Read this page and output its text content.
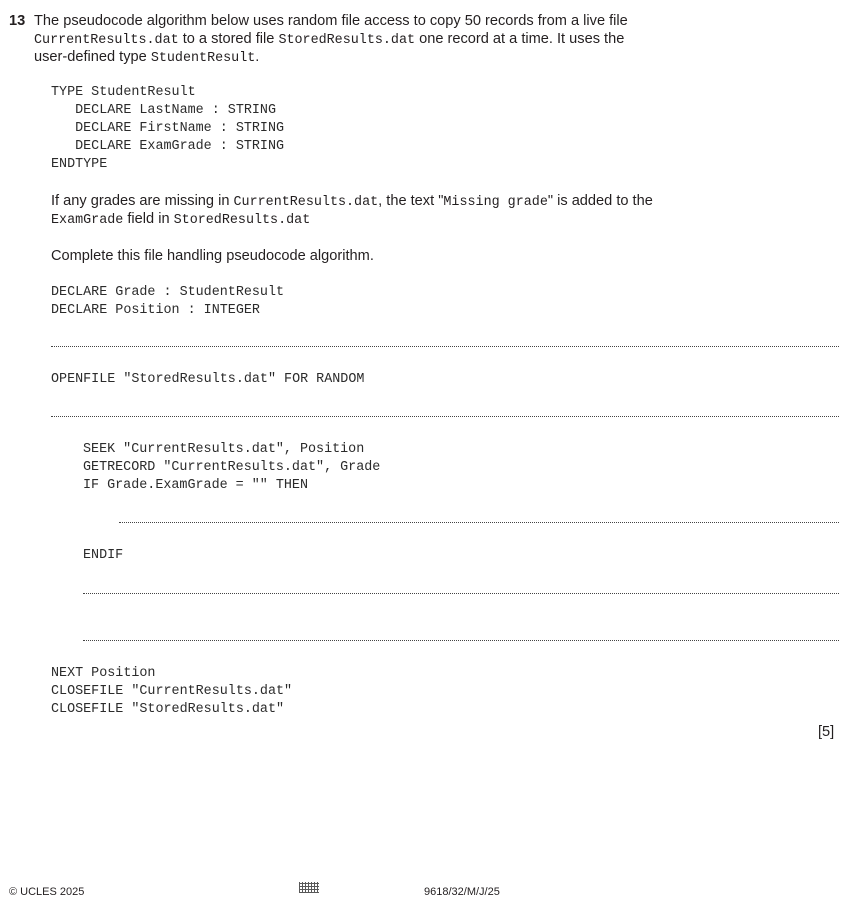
13 The pseudocode algorithm below uses random file access to copy 50 records from a live file
CurrentResults.dat to a stored file StoredResults.dat one record at a time. It uses the
user-defined type StudentResult.
TYPE StudentResult
DECLARE LastName : STRING
DECLARE FirstName : STRING
DECLARE ExamGrade : STRING
ENDTYPE
If any grades are missing in CurrentResults.dat, the text "Missing grade" is added to the
ExamGrade field in StoredResults.dat
Complete this file handling pseudocode algorithm.
DECLARE Grade : StudentResult
DECLARE Position : INTEGER
OPENFILE "StoredResults.dat" FOR RANDOM
SEEK "CurrentResults.dat", Position
GETRECORD "CurrentResults.dat", Grade
IF Grade.ExamGrade = "" THEN
ENDIF
NEXT Position
CLOSEFILE "CurrentResults.dat"
CLOSEFILE "StoredResults.dat"
[5]
© UCLES 2025	9618/32/M/J/25
